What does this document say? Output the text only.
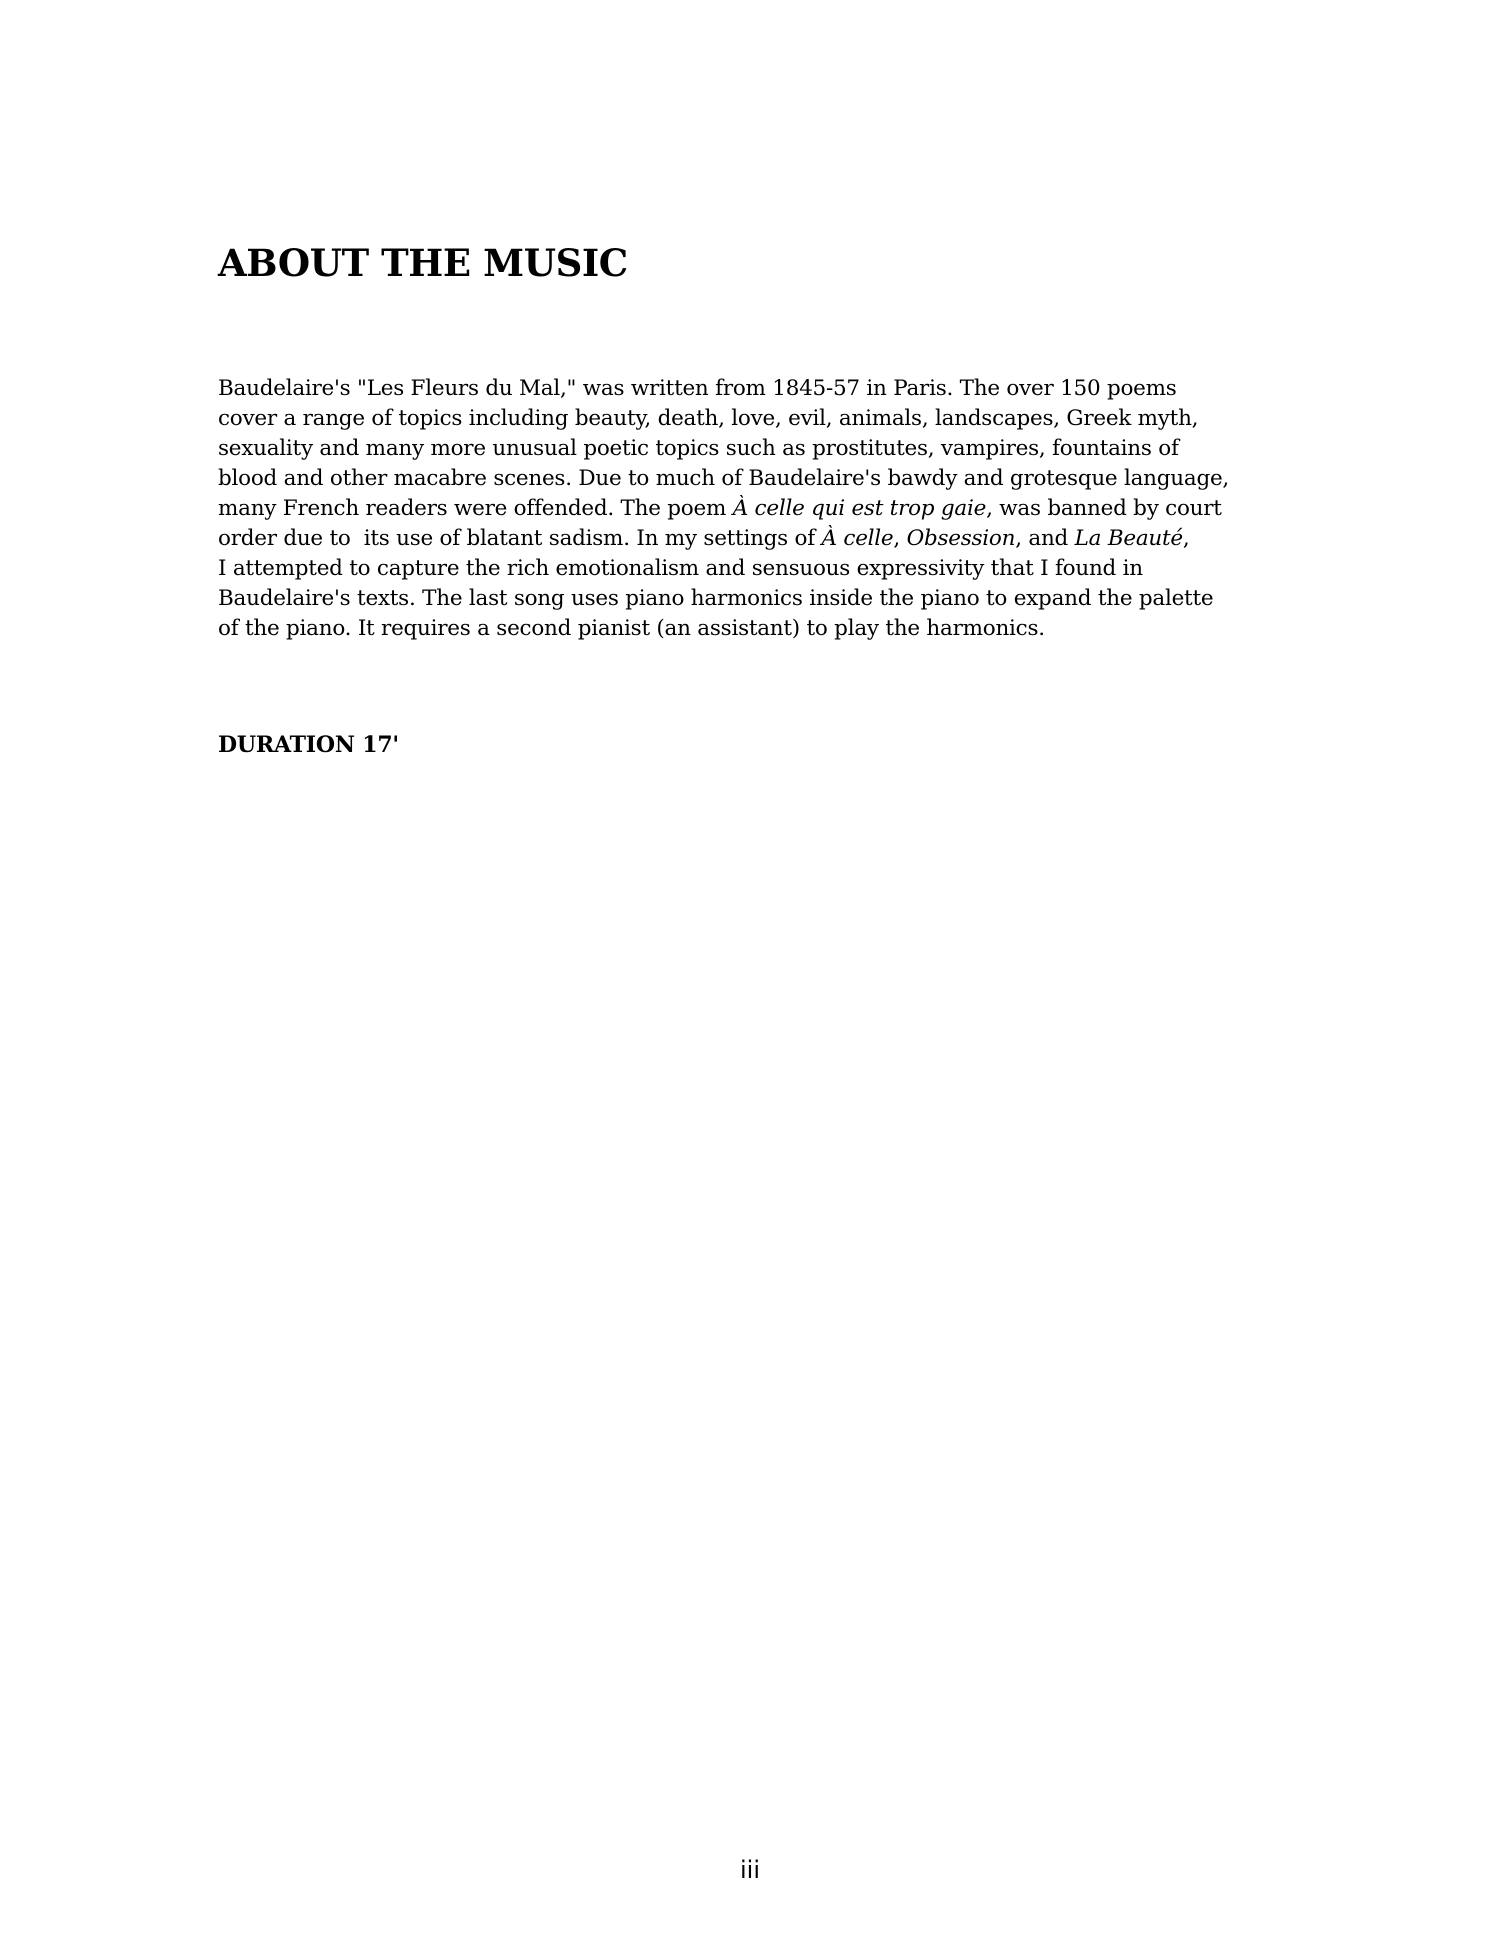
ABOUT THE MUSIC
Baudelaire's "Les Fleurs du Mal," was written from 1845-57 in Paris. The over 150 poems
cover a range of topics including beauty, death, love, evil, animals, landscapes, Greek myth,
sexuality and many more unusual poetic topics such as prostitutes, vampires, fountains of
blood and other macabre scenes. Due to much of Baudelaire's bawdy and grotesque language,
many French readers were offended. The poem À celle qui est trop gaie, was banned by court
order due to  its use of blatant sadism. In my settings of À celle, Obsession, and La Beauté,
I attempted to capture the rich emotionalism and sensuous expressivity that I found in
Baudelaire's texts. The last song uses piano harmonics inside the piano to expand the palette
of the piano. It requires a second pianist (an assistant) to play the harmonics.

DURATION 17'

iii
